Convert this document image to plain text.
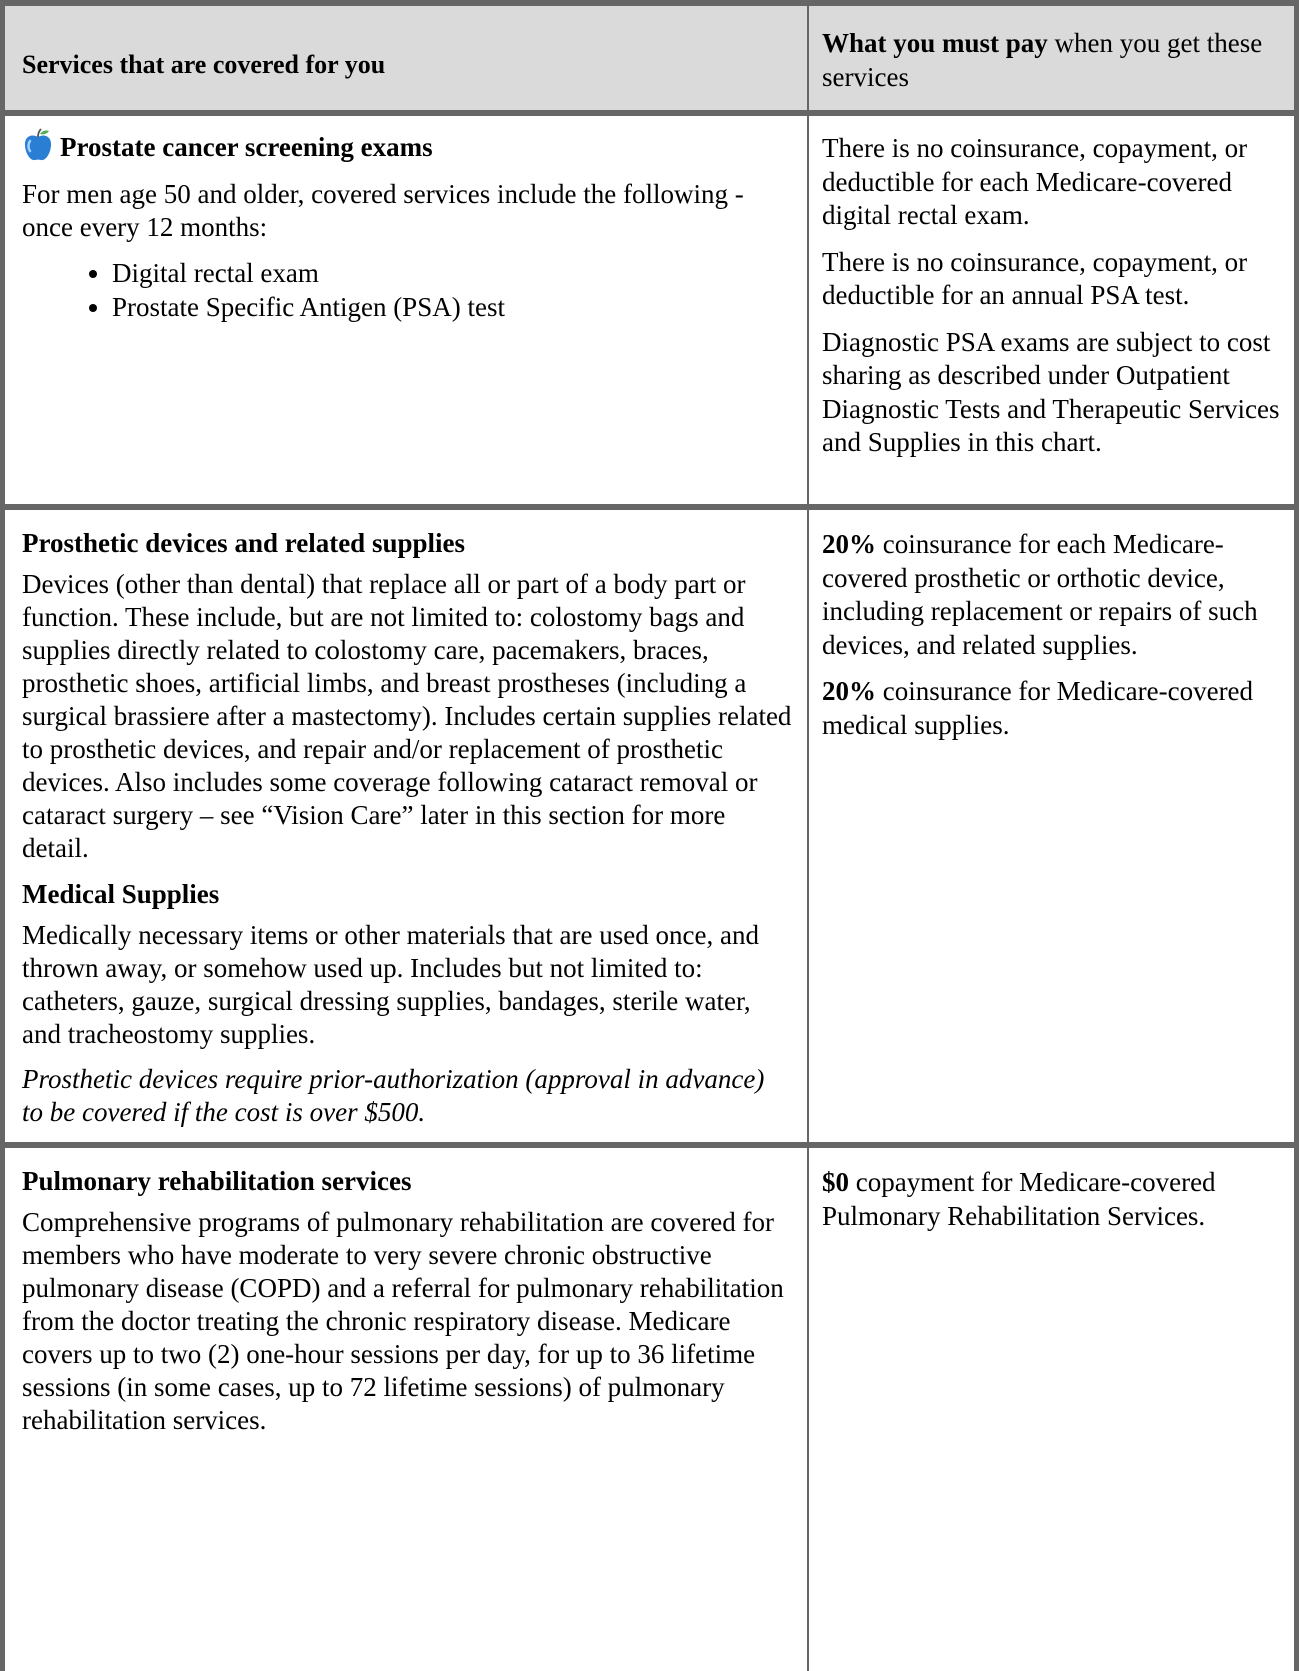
Services that are covered for you
What you must pay when you get these services
Prostate cancer screening exams

For men age 50 and older, covered services include the following - once every 12 months:

• Digital rectal exam
• Prostate Specific Antigen (PSA) test

There is no coinsurance, copayment, or deductible for each Medicare-covered digital rectal exam.

There is no coinsurance, copayment, or deductible for an annual PSA test.

Diagnostic PSA exams are subject to cost sharing as described under Outpatient Diagnostic Tests and Therapeutic Services and Supplies in this chart.

Prosthetic devices and related supplies

Devices (other than dental) that replace all or part of a body part or function. These include, but are not limited to: colostomy bags and supplies directly related to colostomy care, pacemakers, braces, prosthetic shoes, artificial limbs, and breast prostheses (including a surgical brassiere after a mastectomy). Includes certain supplies related to prosthetic devices, and repair and/or replacement of prosthetic devices. Also includes some coverage following cataract removal or cataract surgery – see “Vision Care” later in this section for more detail.

Medical Supplies

Medically necessary items or other materials that are used once, and thrown away, or somehow used up. Includes but not limited to: catheters, gauze, surgical dressing supplies, bandages, sterile water, and tracheostomy supplies.

Prosthetic devices require prior-authorization (approval in advance) to be covered if the cost is over $500.

20% coinsurance for each Medicare-covered prosthetic or orthotic device, including replacement or repairs of such devices, and related supplies.

20% coinsurance for Medicare-covered medical supplies.

Pulmonary rehabilitation services

Comprehensive programs of pulmonary rehabilitation are covered for members who have moderate to very severe chronic obstructive pulmonary disease (COPD) and a referral for pulmonary rehabilitation from the doctor treating the chronic respiratory disease. Medicare covers up to two (2) one-hour sessions per day, for up to 36 lifetime sessions (in some cases, up to 72 lifetime sessions) of pulmonary rehabilitation services.

$0 copayment for Medicare-covered Pulmonary Rehabilitation Services.
